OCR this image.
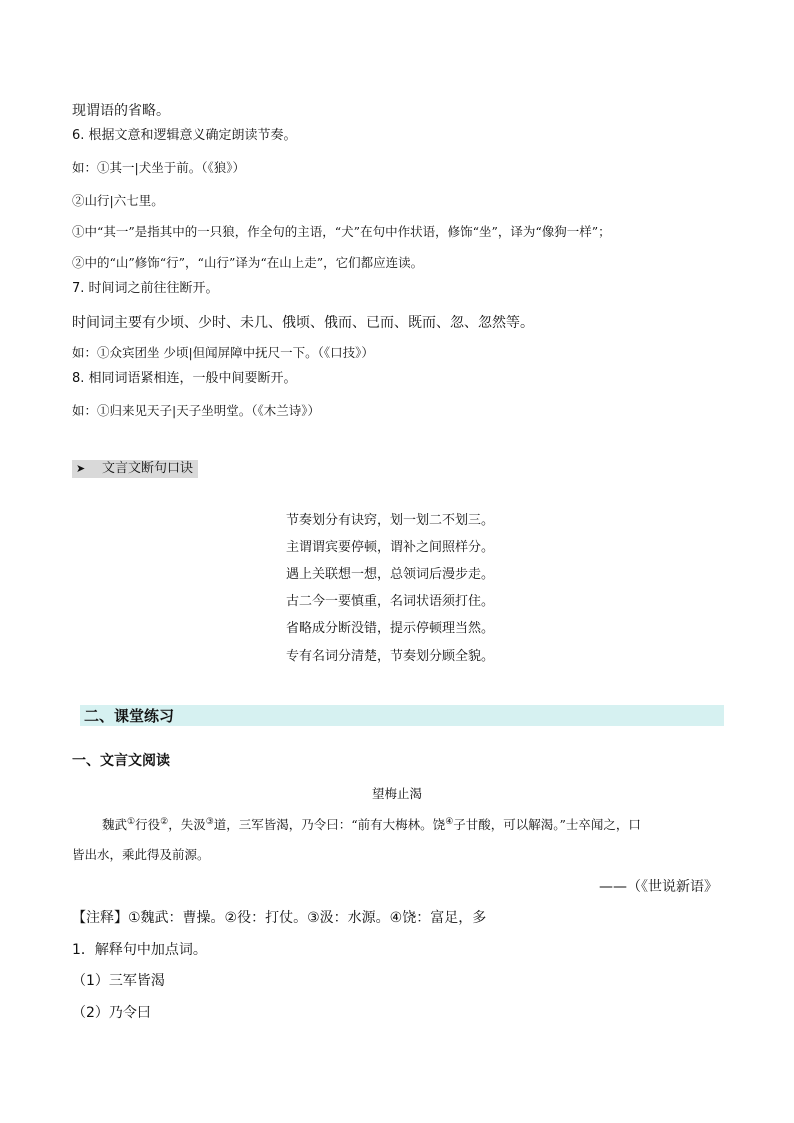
现谓语的省略。
6. 根据文意和逻辑意义确定朗读节奏。
如：①其一|犬坐于前。（《狼》）
②山行|六七里。
①中“其一”是指其中的一只狼，作全句的主语，“犬”在句中作状语，修饰“坐”，译为“像狗一样”；
②中的“山”修饰“行”，“山行”译为“在山上走”，它们都应连读。
7. 时间词之前往往断开。
时间词主要有少顷、少时、未几、俄顷、俄而、已而、既而、忽、忽然等。
如：①众宾团坐 少顷|但闻屏障中抚尺一下。（《口技》）
8. 相同词语紧相连，一般中间要断开。
如：①归来见天子|天子坐明堂。（《木兰诗》）
➤ 文言文断句口诀
节奏划分有诀窍，划一划二不划三。
主谓谓宾要停顿，谓补之间照样分。
遇上关联想一想，总领词后漫步走。
古二今一要慎重，名词状语须打住。
省略成分断没错，提示停顿理当然。
专有名词分清楚，节奏划分顾全貌。
二、课堂练习
一、文言文阅读
望梅止渴
魏武①行役②，失汲③道，三军皆渴，乃令曰：“前有大梅林。饶④子甘酸，可以解渴。”士卒闻之，口
皆出水，乘此得及前源。
——（《世说新语》
【注释】①魏武：曹操。②役：打仗。③汲：水源。④饶：富足，多
1．解释句中加点词。
（1）三军皆渴
（2）乃令曰
